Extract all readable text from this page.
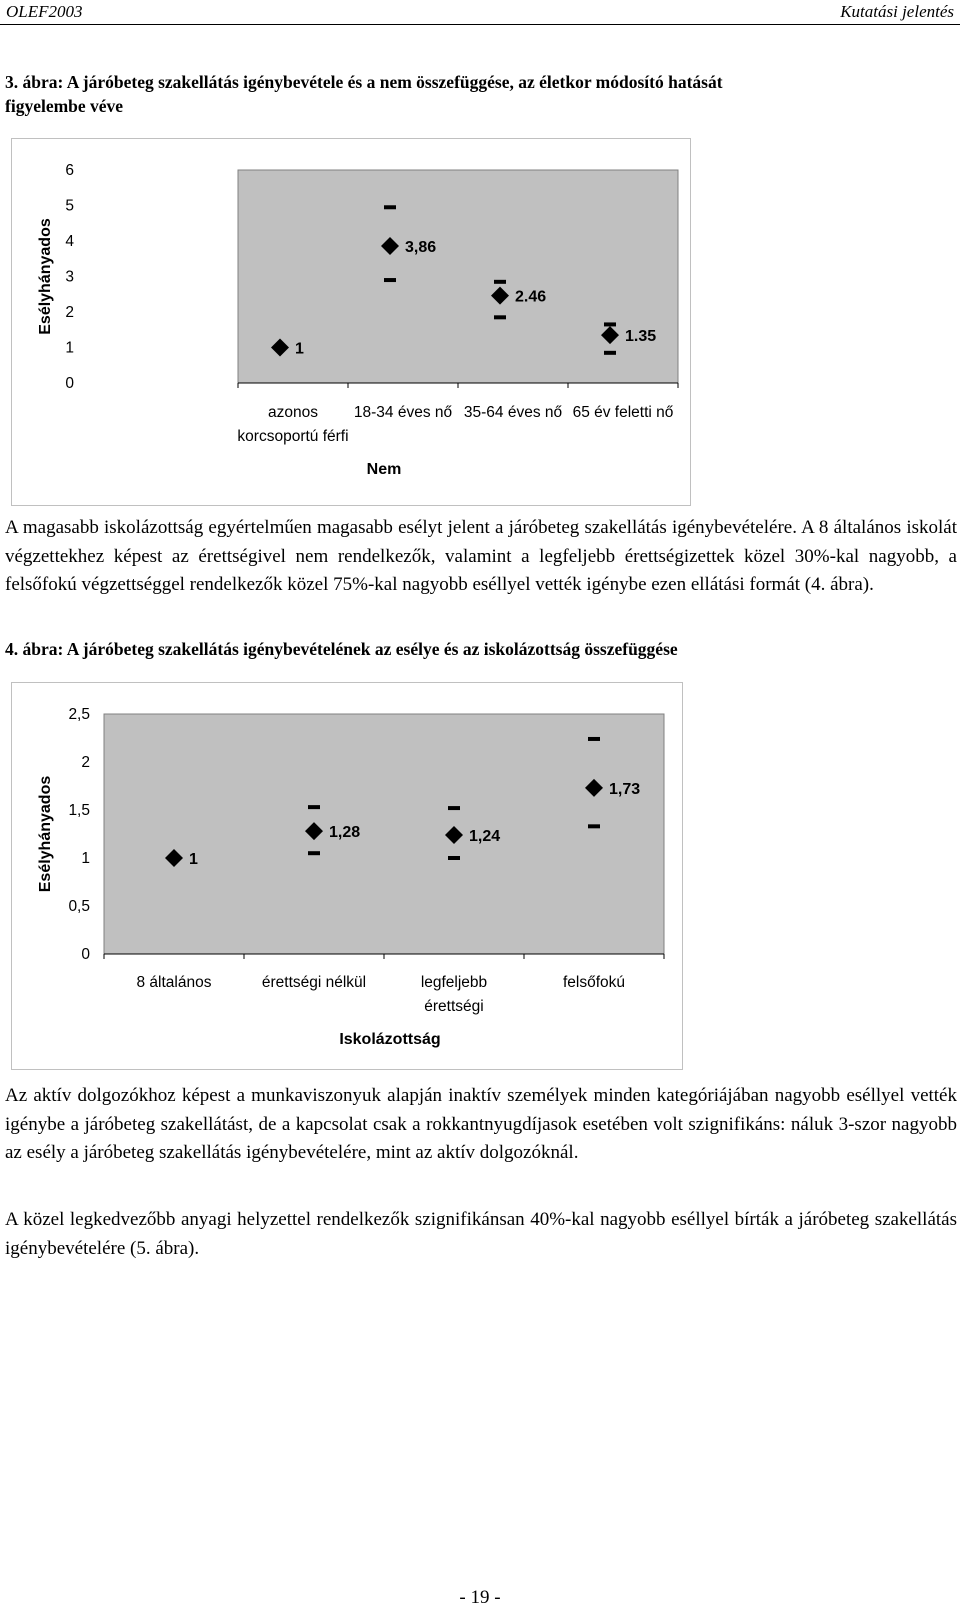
OLEF2003	Kutatási jelentés
3. ábra: A járóbeteg szakellátás igénybevétele és a nem összefüggése, az életkor módosító hatását
figyelembe véve
0
1
2
3
4
5
6
Esélyhányados
azonos
korcsoportú férfi
18-34 éves nő 35-64 éves nő 65 év feletti nő
Nem
1
3,86
2.46
1.35
A magasabb iskolázottság egyértelműen magasabb esélyt jelent a járóbeteg szakellátás igénybevételére. A 8 általános iskolát végzettekhez képest az érettségivel nem rendelkezők, valamint a legfeljebb érettségizettek közel 30%-kal nagyobb, a felsőfokú végzettséggel rendelkezők közel 75%-kal nagyobb eséllyel vették igénybe ezen ellátási formát (4. ábra).
4. ábra: A járóbeteg szakellátás igénybevételének az esélye és az iskolázottság összefüggése
0
0,5
1
1,5
2
2,5
Esélyhányados
8 általános	érettségi nélkül	legfeljebb
érettségi
felsőfokú
Iskolázottság
1
1,28	1,24
1,73
Az aktív dolgozókhoz képest a munkaviszonyuk alapján inaktív személyek minden kategóriájában nagyobb eséllyel vették igénybe a járóbeteg szakellátást, de a kapcsolat csak a rokkantnyugdíjasok esetében volt szignifikáns: náluk 3-szor nagyobb az esély a járóbeteg szakellátás igénybevételére, mint az aktív dolgozóknál.
A közel legkedvezőbb anyagi helyzettel rendelkezők szignifikánsan 40%-kal nagyobb eséllyel bírták a járóbeteg szakellátás igénybevételére (5. ábra).
- 19 -
